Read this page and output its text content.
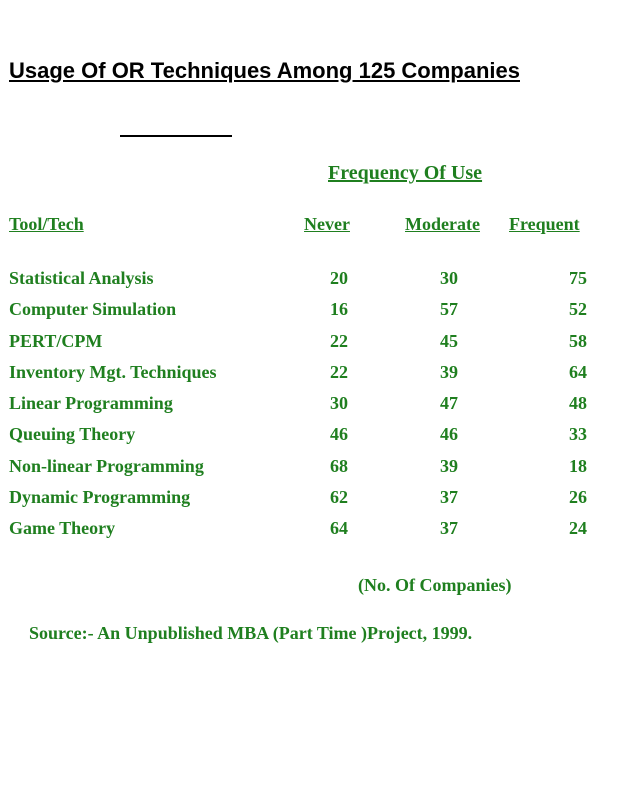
Usage Of OR Techniques Among 125 Companies
Frequency Of Use
Tool/Tech	Never	Moderate Frequent
Statistical Analysis	20	30	75
Computer Simulation	16	57	52
PERT/CPM	22	45	58
Inventory Mgt. Techniques	22	39	64
Linear Programming	30	47	48
Queuing Theory	46	46	33
Non-linear Programming	68	39	18
Dynamic Programming	62	37	26
Game Theory	64	37	24
(No. Of Companies)
Source:- An Unpublished MBA (Part Time )Project, 1999.
